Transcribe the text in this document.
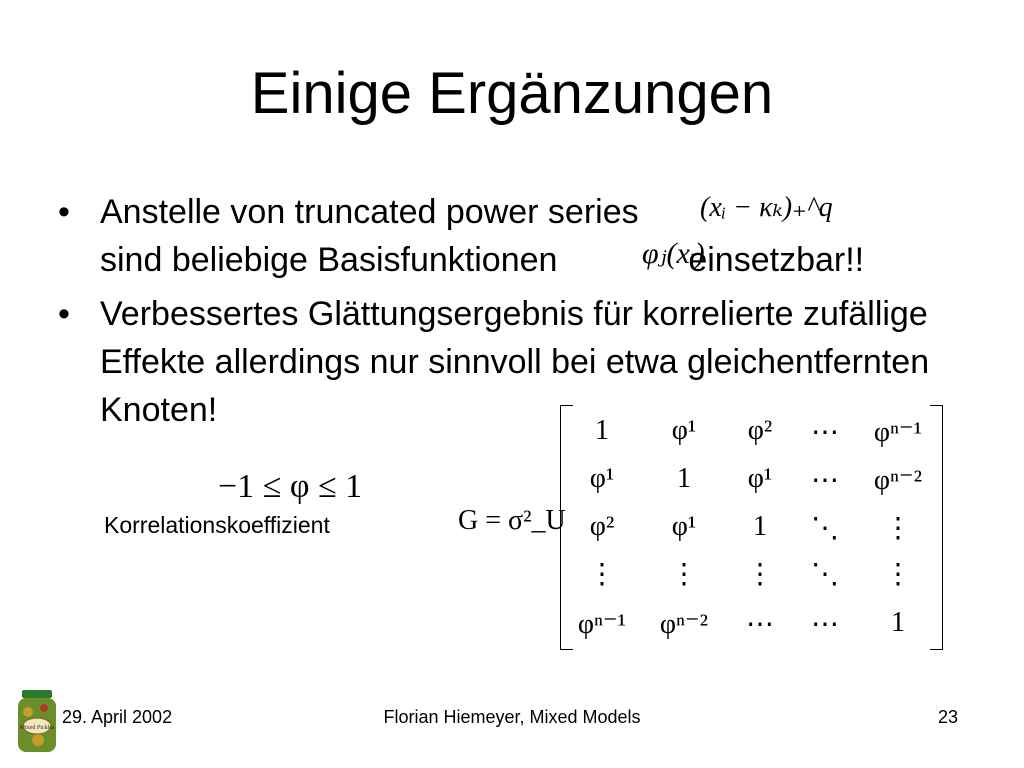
Einige Ergänzungen
• Anstelle von truncated power series
sind beliebige Basisfunktionen	einsetzbar!!
• Verbessertes Glättungsergebnis für korrelierte zufällige Effekte allerdings nur sinnvoll bei etwa gleichentfernten Knoten!
(xᵢ − κₖ)₊^q
φⱼ(xᵢ)
−1 ≤ φ ≤ 1
Korrelationskoeffizient	G = σ²_U
1	φ¹	φ²	⋯	φⁿ⁻¹
φ¹	1	φ¹	⋯	φⁿ⁻²
φ²	φ¹	1	⋱	⋮
⋮	⋮	⋮	⋱	⋮
φⁿ⁻¹	φⁿ⁻²	⋯	⋯	1
Mixed Pickles
29. April 2002	Florian Hiemeyer, Mixed Models	23
